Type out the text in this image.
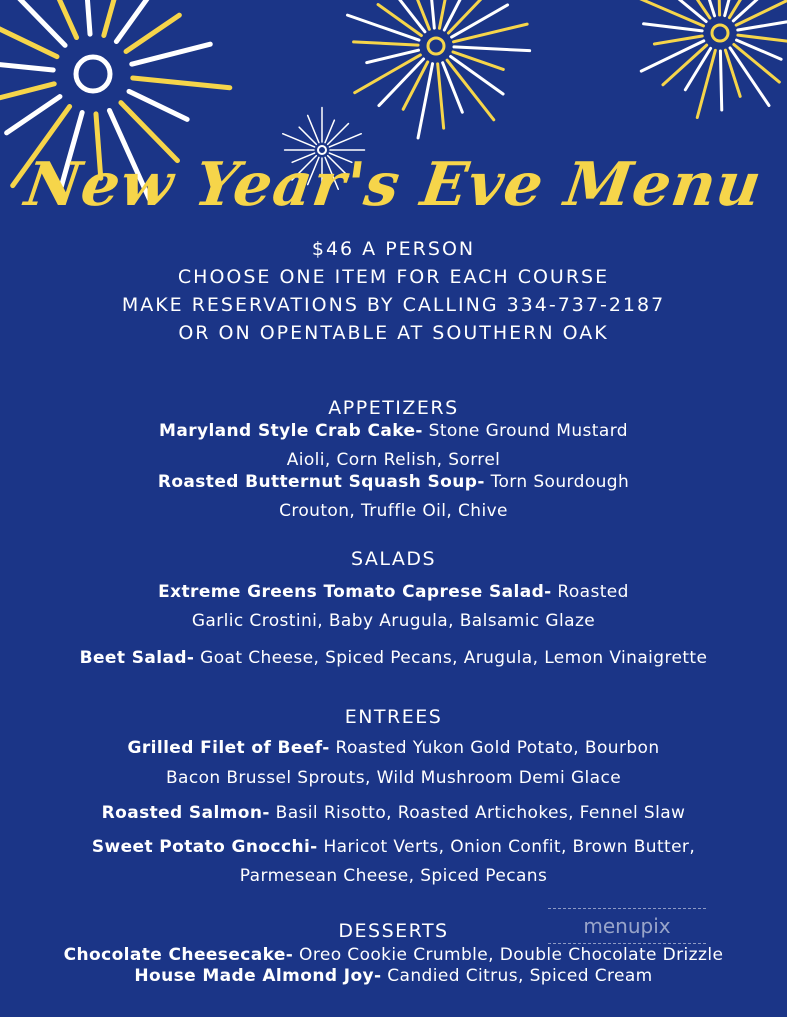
New Year's Eve Menu
$46 A PERSON
CHOOSE ONE ITEM FOR EACH COURSE
MAKE RESERVATIONS BY CALLING 334-737-2187
OR ON OPENTABLE AT SOUTHERN OAK
APPETIZERS
Maryland Style Crab Cake- Stone Ground Mustard
Aioli, Corn Relish, Sorrel
Roasted Butternut Squash Soup- Torn Sourdough
Crouton, Truffle Oil, Chive
SALADS
Extreme Greens Tomato Caprese Salad- Roasted
Garlic Crostini, Baby Arugula, Balsamic Glaze
Beet Salad- Goat Cheese, Spiced Pecans, Arugula, Lemon Vinaigrette
ENTREES
Grilled Filet of Beef- Roasted Yukon Gold Potato, Bourbon
Bacon Brussel Sprouts, Wild Mushroom Demi Glace
Roasted Salmon- Basil Risotto, Roasted Artichokes, Fennel Slaw
Sweet Potato Gnocchi- Haricot Verts, Onion Confit, Brown Butter,
Parmesean Cheese, Spiced Pecans
DESSERTS
Chocolate Cheesecake- Oreo Cookie Crumble, Double Chocolate Drizzle
House Made Almond Joy- Candied Citrus, Spiced Cream
menupix
